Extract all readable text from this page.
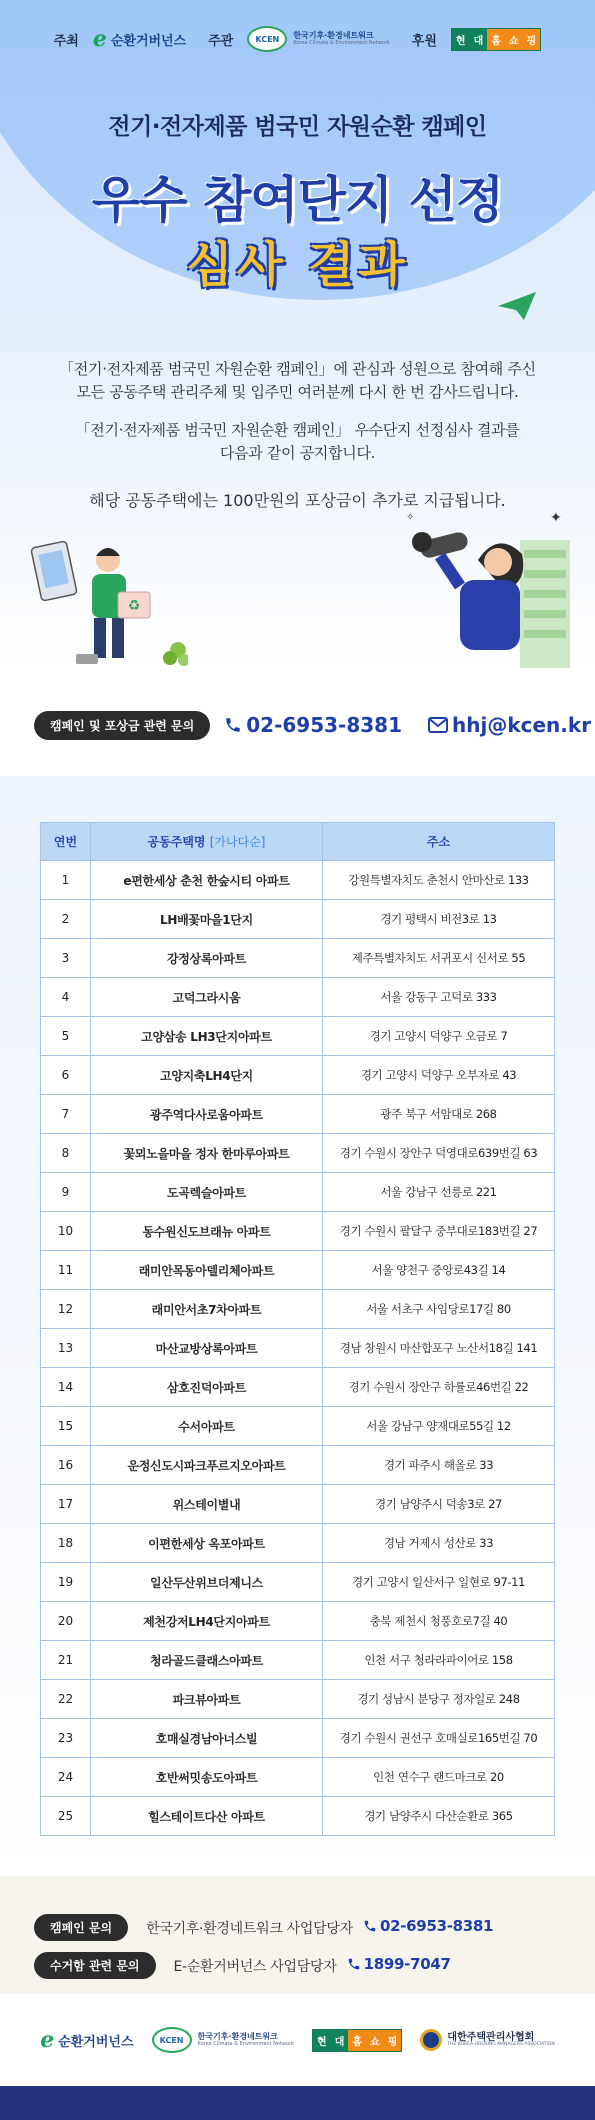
주최 e 순환거버넌스 주관	KCEN	한국기후·환경네트워크
Korea Climate & Environment Network 후원	현 대 홈 쇼 핑
전기·전자제품 범국민 자원순환 캠페인
우수 참여단지 선정
심사 결과

「전기·전자제품 범국민 자원순환 캠페인」에 관심과 성원으로 참여해 주신
모든 공동주택 관리주체 및 입주민 여러분께 다시 한 번 감사드립니다.

「전기·전자제품 범국민 자원순환 캠페인」 우수단지 선정심사 결과를
다음과 같이 공지합니다.

해당 공동주택에는 100만원의 포상금이 추가로 지급됩니다.
♻
✦
✧
캠페인 및 포상금 관련 문의	02-6953-8381	hhj@kcen.kr
연번	공동주택명 [가나다순]	주소
1	e편한세상 춘천 한숲시티 아파트	강원특별자치도 춘천시 안마산로 133
2	LH배꽃마을1단지	경기 평택시 비전3로 13
3	강정상록아파트	제주특별자치도 서귀포시 신서로 55
4	고덕그라시움	서울 강동구 고덕로 333
5	고양삼송 LH3단지아파트	경기 고양시 덕양구 오금로 7
6	고양지축LH4단지	경기 고양시 덕양구 오부자로 43
7	광주역다사로움아파트	광주 북구 서암대로 268
8	꽃뫼노을마을 정자 한마루아파트	경기 수원시 장안구 덕영대로639번길 63
9	도곡렉슬아파트	서울 강남구 선릉로 221
10	동수원신도브래뉴 아파트	경기 수원시 팔달구 중부대로183번길 27
11	래미안목동아델리체아파트	서울 양천구 중앙로43길 14
12	래미안서초7차아파트	서울 서초구 사임당로17길 80
13	마산교방상록아파트	경남 창원시 마산합포구 노산서18길 141
14	삼호진덕아파트	경기 수원시 장안구 하률로46번길 22
15	수서아파트	서울 강남구 양재대로55길 12
16	운정신도시파크푸르지오아파트	경기 파주시 해올로 33
17	위스테이별내	경기 남양주시 덕송3로 27
18	이편한세상 옥포아파트	경남 거제시 성산로 33
19	일산두산위브더제니스	경기 고양시 일산서구 일현로 97-11
20	제천강저LH4단지아파트	충북 제천시 청풍호로7길 40
21	청라골드클래스아파트	인천 서구 청라라파이어로 158
22	파크뷰아파트	경기 성남시 분당구 정자일로 248
23	호매실경남아너스빌	경기 수원시 권선구 호매실로165번길 70
24	호반써밋송도아파트	인천 연수구 랜드마크로 20
25	힐스테이트다산 아파트	경기 남양주시 다산순환로 365
캠페인 문의	한국기후·환경네트워크 사업담당자 02-6953-8381
수거함 관련 문의	E-순환거버넌스 사업담당자 1899-7047
e 순환거버넌스	KCEN	한국기후·환경네트워크
Korea Climate & Environment Network	현 대 홈 쇼 핑	대한주택관리사협회
THE KOREA HOUSING MANAGERS ASSOCIATION
